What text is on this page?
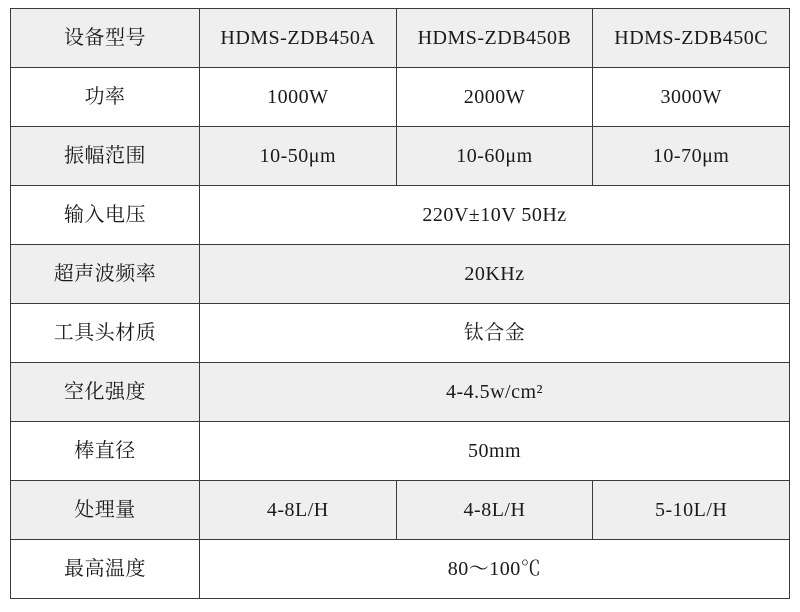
设备型号	HDMS-ZDB450A	HDMS-ZDB450B	HDMS-ZDB450C
功率	1000W	2000W	3000W
振幅范围	10-50μm	10-60μm	10-70μm
输入电压	220V±10V 50Hz		
超声波频率	20KHz		
工具头材质	钛合金		
空化强度	4-4.5w/cm²		
棒直径	50mm		
处理量	4-8L/H	4-8L/H	5-10L/H
最高温度	80～100℃		
